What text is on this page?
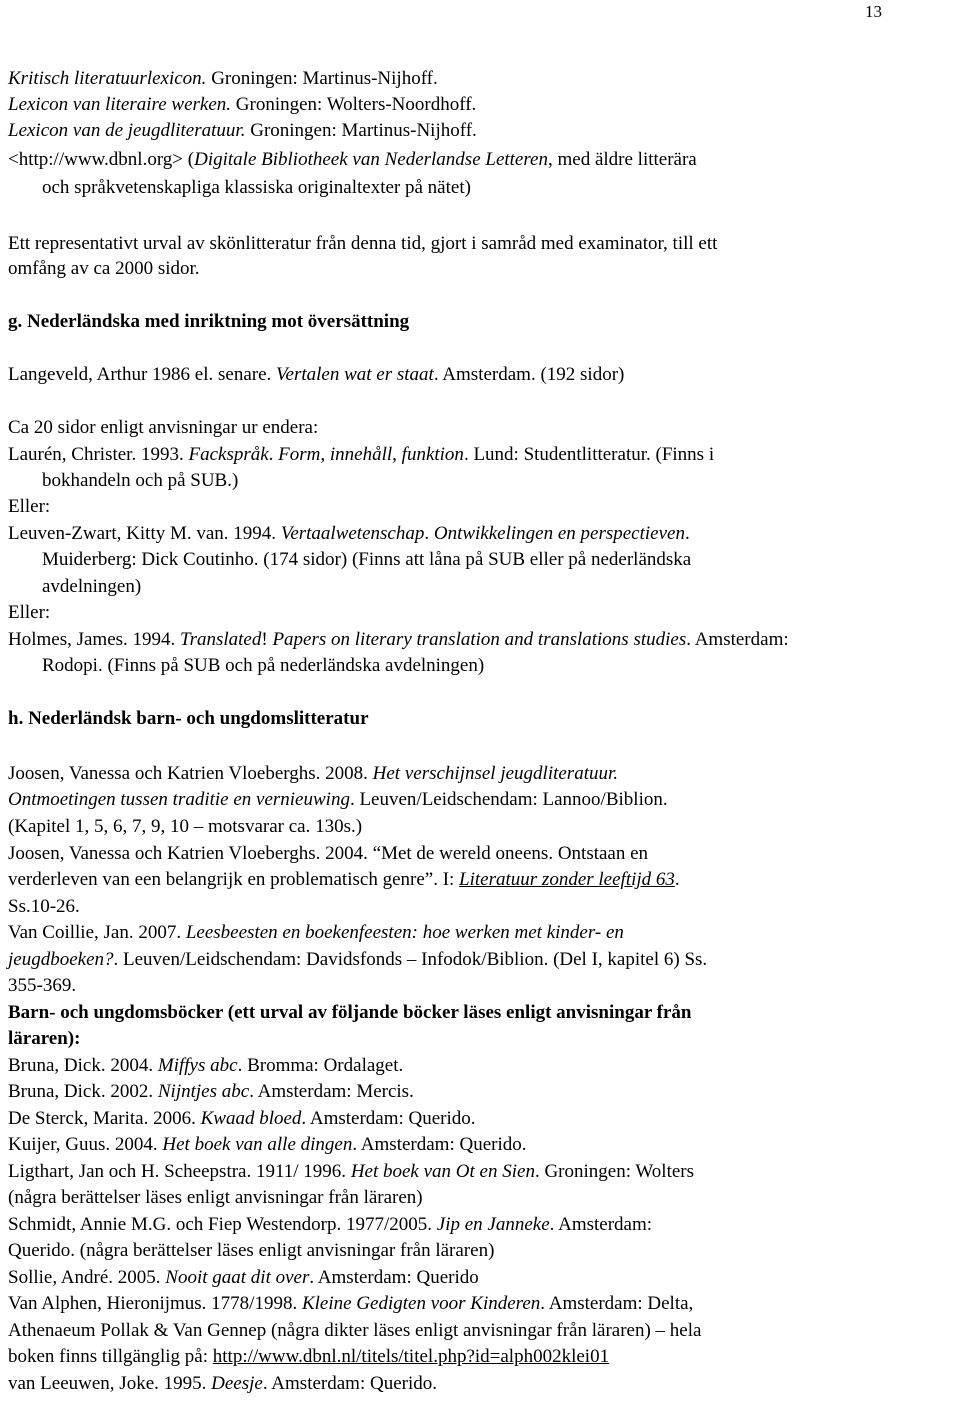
13
Kritisch literatuurlexicon. Groningen: Martinus-Nijhoff.
Lexicon van literaire werken. Groningen: Wolters-Noordhoff.
Lexicon van de jeugdliteratuur. Groningen: Martinus-Nijhoff.
<http://www.dbnl.org> (Digitale Bibliotheek van Nederlandse Letteren, med äldre litterära
och språkvetenskapliga klassiska originaltexter på nätet)
Ett representativt urval av skönlitteratur från denna tid, gjort i samråd med examinator, till ett
omfång av ca 2000 sidor.
g. Nederländska med inriktning mot översättning
Langeveld, Arthur 1986 el. senare. Vertalen wat er staat. Amsterdam. (192 sidor)
Ca 20 sidor enligt anvisningar ur endera:
Laurén, Christer. 1993. Fackspråk. Form, innehåll, funktion. Lund: Studentlitteratur. (Finns i
bokhandeln och på SUB.)
Eller:
Leuven-Zwart, Kitty M. van. 1994. Vertaalwetenschap. Ontwikkelingen en perspectieven.
Muiderberg: Dick Coutinho. (174 sidor) (Finns att låna på SUB eller på nederländska
avdelningen)
Eller:
Holmes, James. 1994. Translated! Papers on literary translation and translations studies. Amsterdam:
Rodopi. (Finns på SUB och på nederländska avdelningen)
h. Nederländsk barn- och ungdomslitteratur
Joosen, Vanessa och Katrien Vloeberghs. 2008. Het verschijnsel jeugdliteratuur.
Ontmoetingen tussen traditie en vernieuwing. Leuven/Leidschendam: Lannoo/Biblion.
(Kapitel 1, 5, 6, 7, 9, 10 – motsvarar ca. 130s.)
Joosen, Vanessa och Katrien Vloeberghs. 2004. “Met de wereld oneens. Ontstaan en
verderleven van een belangrijk en problematisch genre”. I: Literatuur zonder leeftijd 63.
Ss.10-26.
Van Coillie, Jan. 2007. Leesbeesten en boekenfeesten: hoe werken met kinder- en
jeugdboeken?. Leuven/Leidschendam: Davidsfonds – Infodok/Biblion. (Del I, kapitel 6) Ss.
355-369.
Barn- och ungdomsböcker (ett urval av följande böcker läses enligt anvisningar från
läraren):
Bruna, Dick. 2004. Miffys abc. Bromma: Ordalaget.
Bruna, Dick. 2002. Nijntjes abc. Amsterdam: Mercis.
De Sterck, Marita. 2006. Kwaad bloed. Amsterdam: Querido.
Kuijer, Guus. 2004. Het boek van alle dingen. Amsterdam: Querido.
Ligthart, Jan och H. Scheepstra. 1911/ 1996. Het boek van Ot en Sien. Groningen: Wolters
(några berättelser läses enligt anvisningar från läraren)
Schmidt, Annie M.G. och Fiep Westendorp. 1977/2005. Jip en Janneke. Amsterdam:
Querido. (några berättelser läses enligt anvisningar från läraren)
Sollie, André. 2005. Nooit gaat dit over. Amsterdam: Querido
Van Alphen, Hieronijmus. 1778/1998. Kleine Gedigten voor Kinderen. Amsterdam: Delta,
Athenaeum Pollak & Van Gennep (några dikter läses enligt anvisningar från läraren) – hela
boken finns tillgänglig på: http://www.dbnl.nl/titels/titel.php?id=alph002klei01
van Leeuwen, Joke. 1995. Deesje. Amsterdam: Querido.
